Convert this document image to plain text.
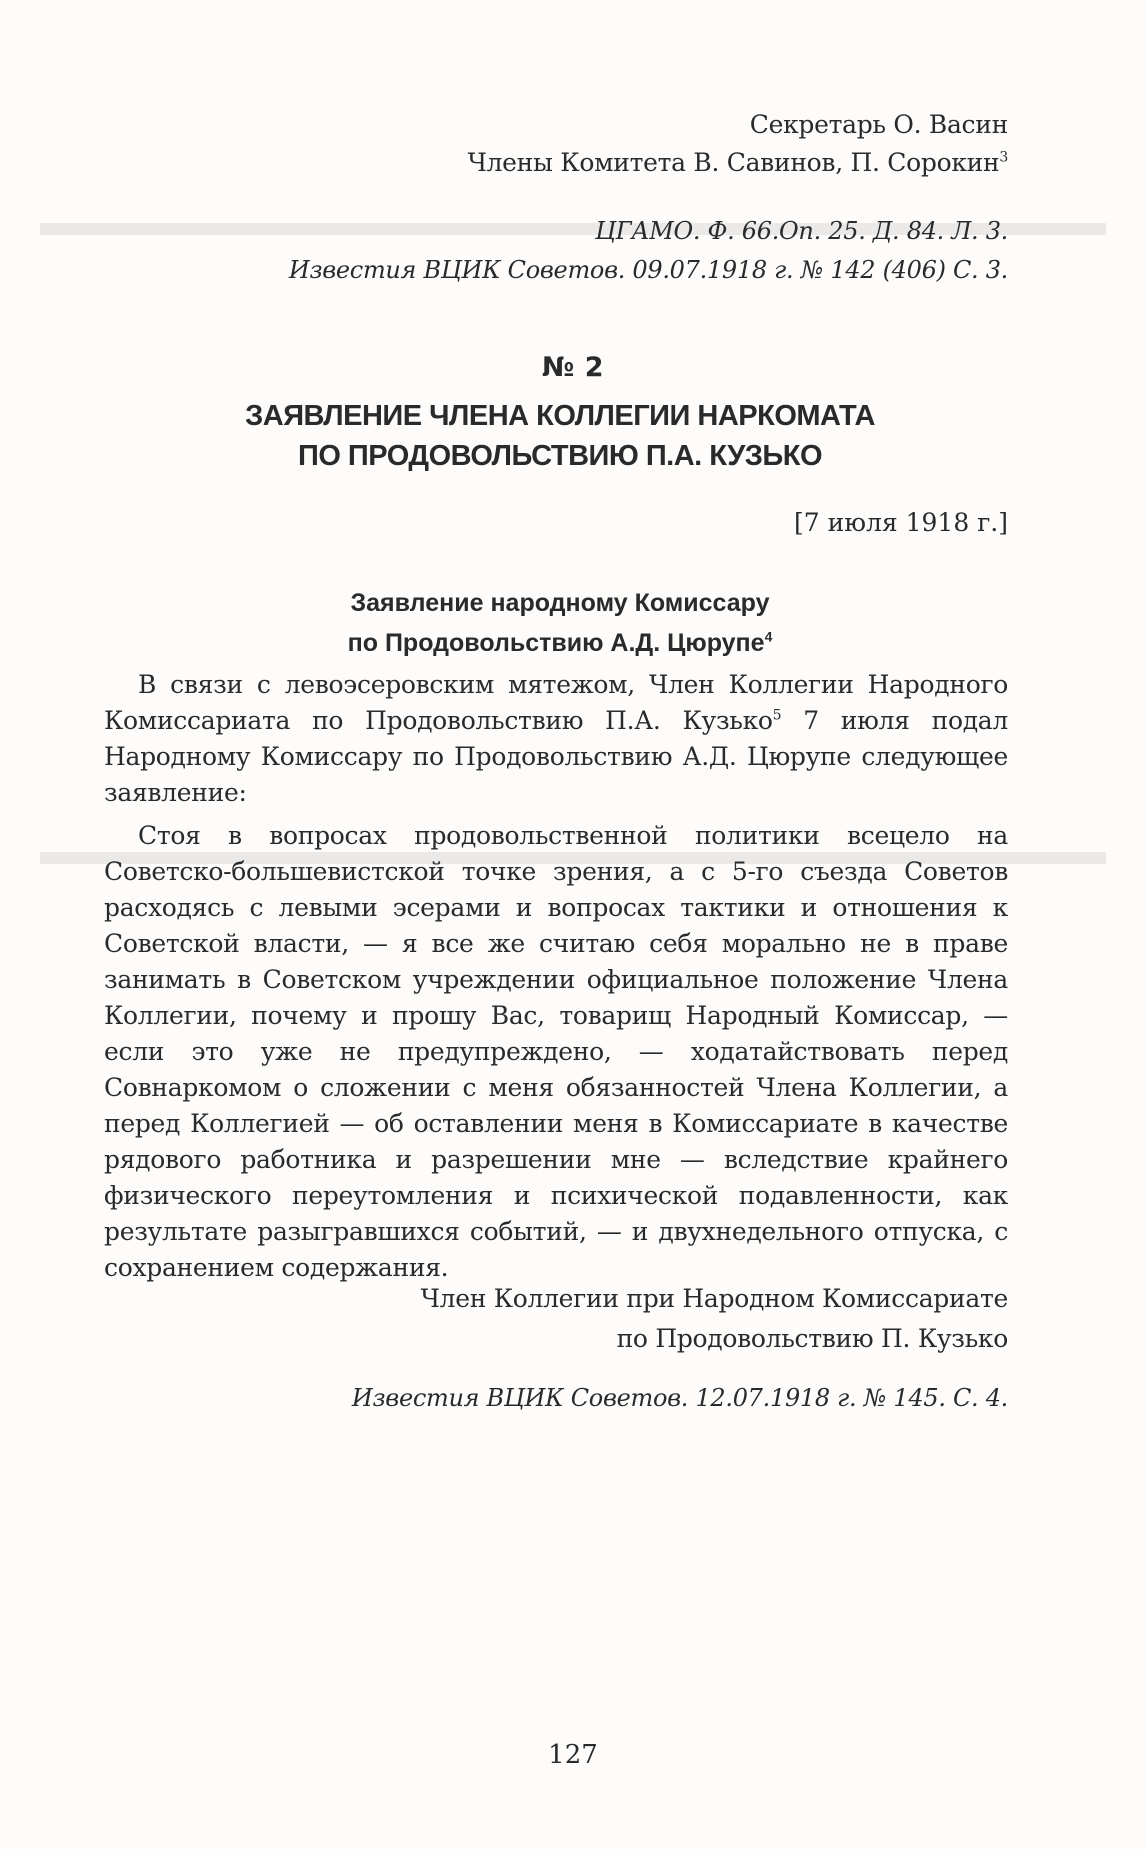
Секретарь О. Васин
Члены Комитета В. Савинов, П. Сорокин$^3$
ЦГАМО. Ф. 66.Оп. 25. Д. 84. Л. 3.
Известия ВЦИК Советов. 09.07.1918 г. № 142 (406) С. 3.
№ 2
ЗАЯВЛЕНИЕ ЧЛЕНА КОЛЛЕГИИ НАРКОМАТА
ПО ПРОДОВОЛЬСТВИЮ П.А. КУЗЬКО
[7 июля 1918 г.]
Заявление народному Комиссару
по Продовольствию А.Д. Цюрупе$^4$
В связи с левоэсеровским мятежом, Член Коллегии Народного Комиссариата по Продовольствию П.А. Кузько$^5$ 7 июля подал Народному Комиссару по Продовольствию А.Д. Цюрупе следующее заявление:
Стоя в вопросах продовольственной политики всецело на Советско-большевистской точке зрения, а с 5-го съезда Советов расходясь с левыми эсерами и вопросах тактики и отношения к Советской власти, — я все же считаю себя морально не в праве занимать в Советском учреждении официальное положение Члена Коллегии, почему и прошу Вас, товарищ Народный Комиссар, — если это уже не предупреждено, — ходатайствовать перед Совнаркомом о сложении с меня обязанностей Члена Коллегии, а перед Коллегией — об оставлении меня в Комиссариате в качестве рядового работника и разрешении мне — вследствие крайнего физического переутомления и психической подавленности, как результате разыгравшихся событий, — и двухнедельного отпуска, с сохранением содержания.
Член Коллегии при Народном Комиссариате
по Продовольствию П. Кузько
Известия ВЦИК Советов. 12.07.1918 г. № 145. С. 4.
127
